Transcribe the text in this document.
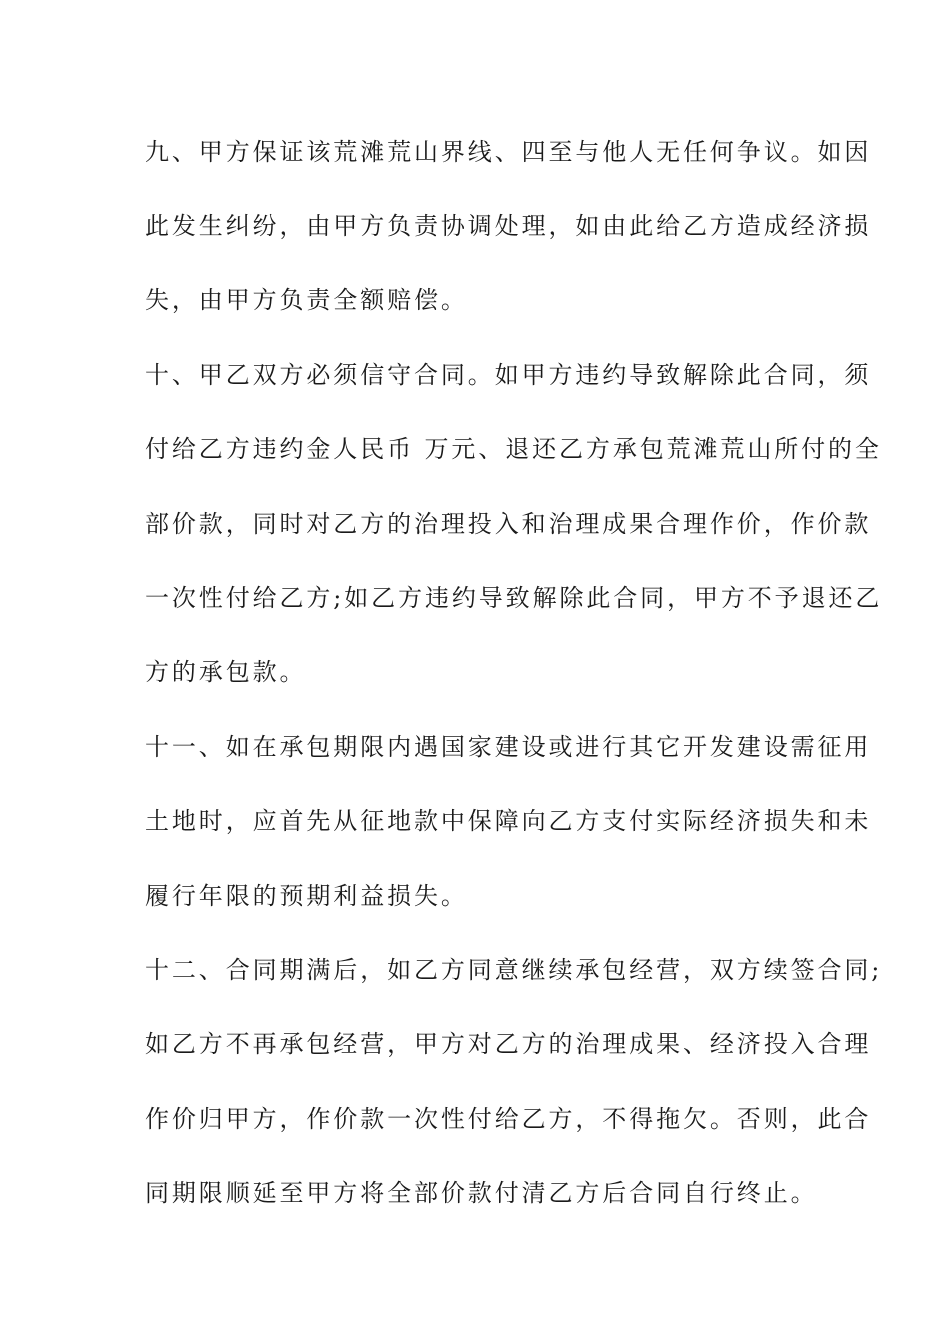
九、甲方保证该荒滩荒山界线、四至与他人无任何争议。如因

此发生纠纷，由甲方负责协调处理，如由此给乙方造成经济损

失，由甲方负责全额赔偿。

十、甲乙双方必须信守合同。如甲方违约导致解除此合同，须

付给乙方违约金人民币 万元、退还乙方承包荒滩荒山所付的全

部价款，同时对乙方的治理投入和治理成果合理作价，作价款

一次性付给乙方;如乙方违约导致解除此合同，甲方不予退还乙

方的承包款。

十一、如在承包期限内遇国家建设或进行其它开发建设需征用

土地时，应首先从征地款中保障向乙方支付实际经济损失和未

履行年限的预期利益损失。

十二、合同期满后，如乙方同意继续承包经营，双方续签合同;

如乙方不再承包经营，甲方对乙方的治理成果、经济投入合理

作价归甲方，作价款一次性付给乙方，不得拖欠。否则，此合

同期限顺延至甲方将全部价款付清乙方后合同自行终止。
